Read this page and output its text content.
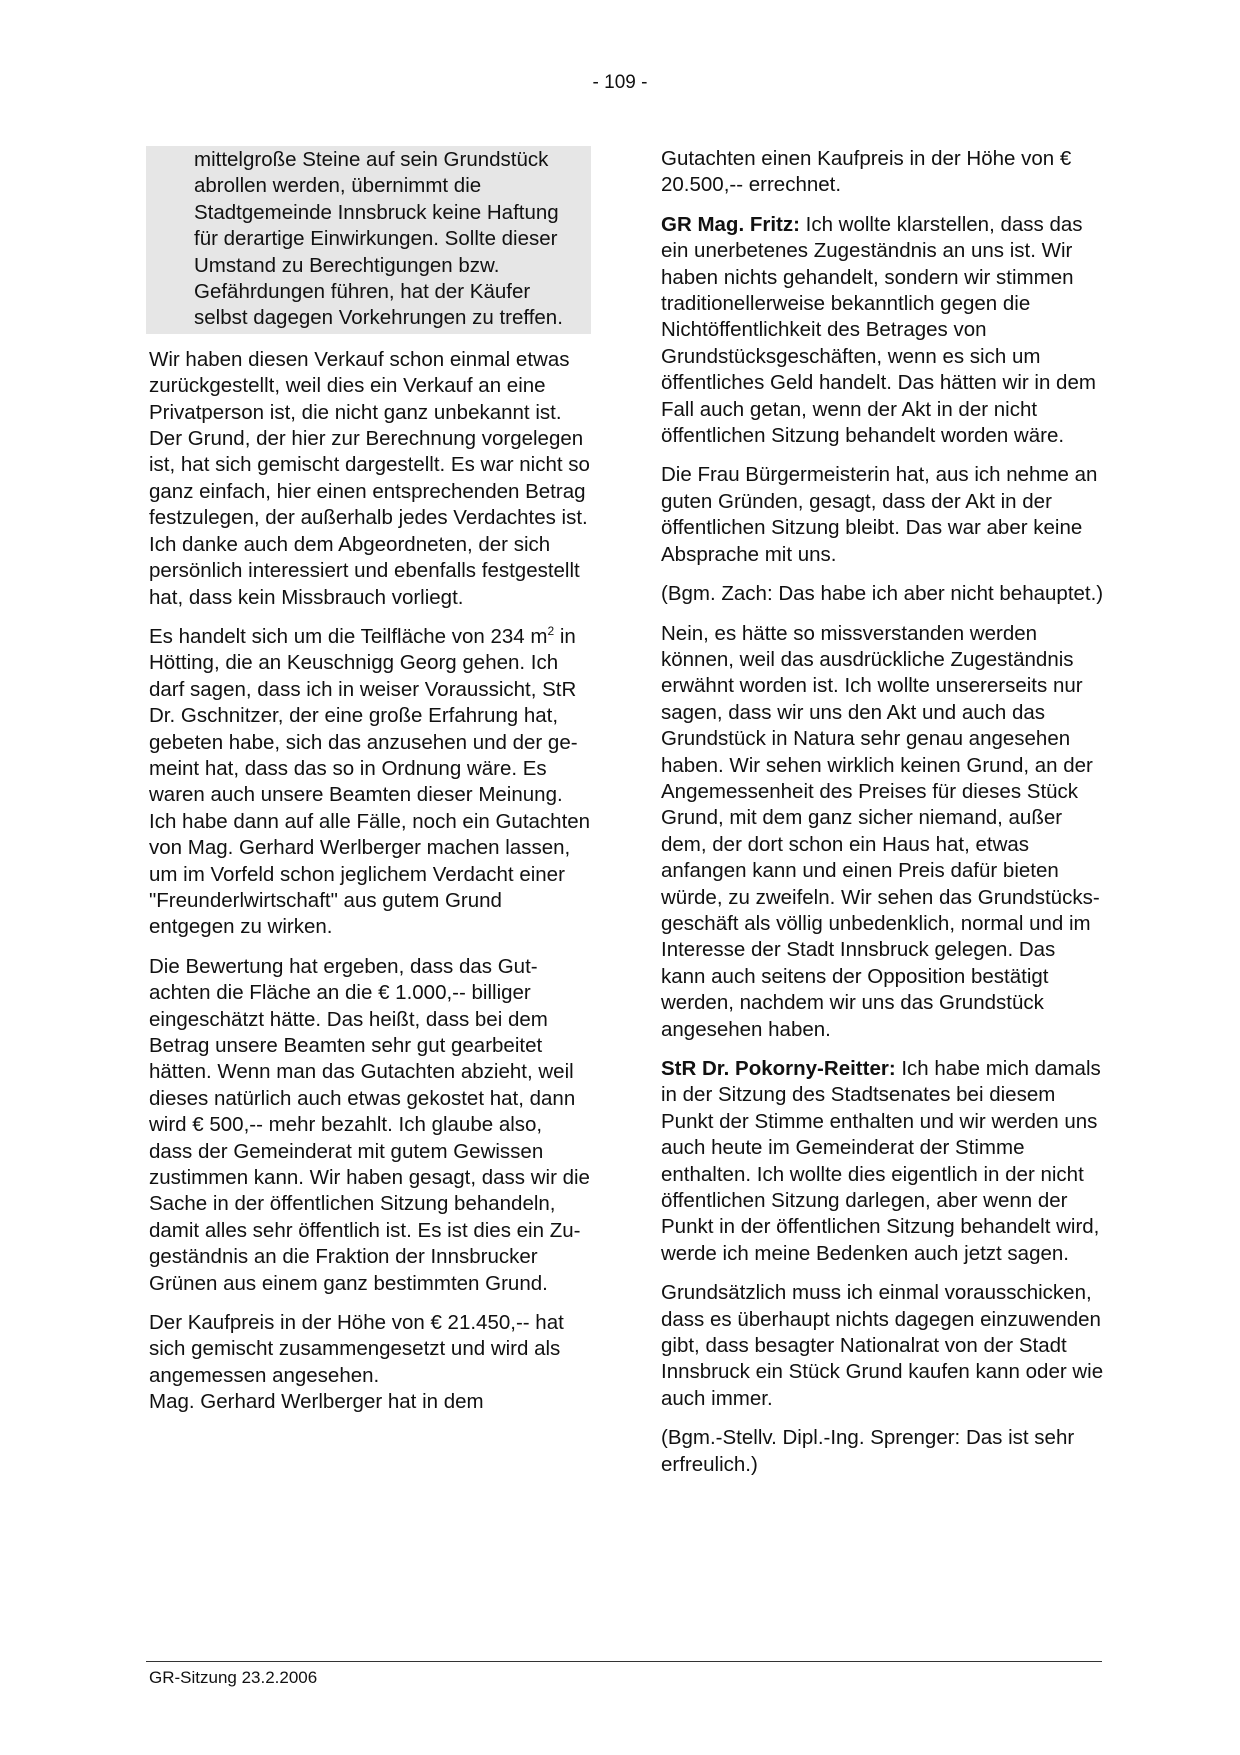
- 109 -
mittelgroße Steine auf sein Grundstück abrollen werden, übernimmt die Stadtgemeinde Innsbruck keine Haftung für derartige Einwirkungen. Sollte dieser Umstand zu Berechtigungen bzw. Gefährdungen führen, hat der Käufer selbst dagegen Vorkehrungen zu treffen.
Wir haben diesen Verkauf schon einmal etwas zurückgestellt, weil dies ein Verkauf an eine Privatperson ist, die nicht ganz unbekannt ist. Der Grund, der hier zur Berechnung vorgelegen ist, hat sich gemischt dargestellt. Es war nicht so ganz einfach, hier einen entsprechenden Betrag festzulegen, der außerhalb jedes Verdachtes ist. Ich danke auch dem Abgeordneten, der sich persönlich interessiert und ebenfalls festgestellt hat, dass kein Missbrauch vorliegt.
Es handelt sich um die Teilfläche von 234 $m^2$ in Hötting, die an Keuschnigg Georg gehen. Ich darf sagen, dass ich in weiser Voraussicht, StR Dr. Gschnitzer, der eine große Erfahrung hat, gebeten habe, sich das anzusehen und der gemeint hat, dass das so in Ordnung wäre. Es waren auch unsere Beamten dieser Meinung. Ich habe dann auf alle Fälle, noch ein Gutachten von Mag. Gerhard Werlberger machen lassen, um im Vorfeld schon jeglichem Verdacht einer "Freunderlwirtschaft" aus gutem Grund entgegen zu wirken.
Die Bewertung hat ergeben, dass das Gutachten die Fläche an die € 1.000,-- billiger eingeschätzt hätte. Das heißt, dass bei dem Betrag unsere Beamten sehr gut gearbeitet hätten. Wenn man das Gutachten abzieht, weil dieses natürlich auch etwas gekostet hat, dann wird € 500,-- mehr bezahlt. Ich glaube also, dass der Gemeinderat mit gutem Gewissen zustimmen kann. Wir haben gesagt, dass wir die Sache in der öffentlichen Sitzung behandeln, damit alles sehr öffentlich ist. Es ist dies ein Zugeständnis an die Fraktion der Innsbrucker Grünen aus einem ganz bestimmten Grund.
Der Kaufpreis in der Höhe von € 21.450,-- hat sich gemischt zusammengesetzt und wird als angemessen angesehen.
Mag. Gerhard Werlberger hat in dem
Gutachten einen Kaufpreis in der Höhe von € 20.500,-- errechnet.
GR Mag. Fritz: Ich wollte klarstellen, dass das ein unerbetenes Zugeständnis an uns ist. Wir haben nichts gehandelt, sondern wir stimmen traditionellerweise bekanntlich gegen die Nichtöffentlichkeit des Betrages von Grundstücksgeschäften, wenn es sich um öffentliches Geld handelt. Das hätten wir in dem Fall auch getan, wenn der Akt in der nicht öffentlichen Sitzung behandelt worden wäre.
Die Frau Bürgermeisterin hat, aus ich nehme an guten Gründen, gesagt, dass der Akt in der öffentlichen Sitzung bleibt. Das war aber keine Absprache mit uns.
(Bgm. Zach: Das habe ich aber nicht behauptet.)
Nein, es hätte so missverstanden werden können, weil das ausdrückliche Zugeständnis erwähnt worden ist. Ich wollte unsererseits nur sagen, dass wir uns den Akt und auch das Grundstück in Natura sehr genau angesehen haben. Wir sehen wirklich keinen Grund, an der Angemessenheit des Preises für dieses Stück Grund, mit dem ganz sicher niemand, außer dem, der dort schon ein Haus hat, etwas anfangen kann und einen Preis dafür bieten würde, zu zweifeln. Wir sehen das Grundstücksgeschäft als völlig unbedenklich, normal und im Interesse der Stadt Innsbruck gelegen. Das kann auch seitens der Opposition bestätigt werden, nachdem wir uns das Grundstück angesehen haben.
StR Dr. Pokorny-Reitter: Ich habe mich damals in der Sitzung des Stadtsenates bei diesem Punkt der Stimme enthalten und wir werden uns auch heute im Gemeinderat der Stimme enthalten. Ich wollte dies eigentlich in der nicht öffentlichen Sitzung darlegen, aber wenn der Punkt in der öffentlichen Sitzung behandelt wird, werde ich meine Bedenken auch jetzt sagen.
Grundsätzlich muss ich einmal vorausschicken, dass es überhaupt nichts dagegen einzuwenden gibt, dass besagter Nationalrat von der Stadt Innsbruck ein Stück Grund kaufen kann oder wie auch immer.
(Bgm.-Stellv. Dipl.-Ing. Sprenger: Das ist sehr erfreulich.)
GR-Sitzung 23.2.2006
